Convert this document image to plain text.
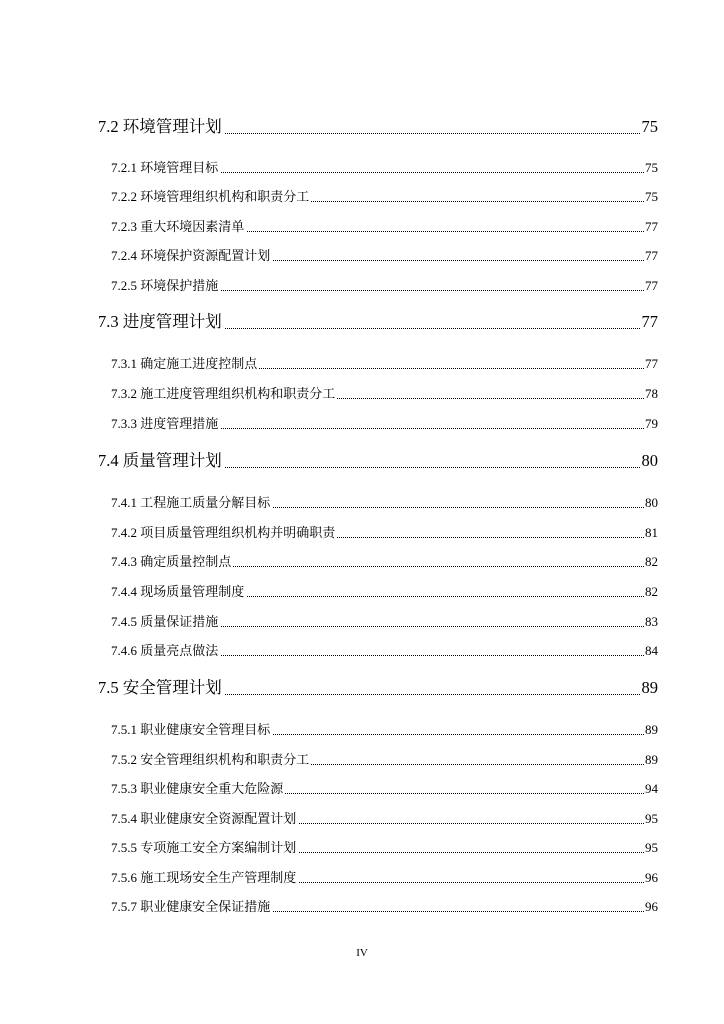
7.2 环境管理计划	75
7.2.1 环境管理目标	75
7.2.2 环境管理组织机构和职责分工	75
7.2.3 重大环境因素清单	77
7.2.4 环境保护资源配置计划	77
7.2.5 环境保护措施	77
7.3 进度管理计划	77
7.3.1 确定施工进度控制点	77
7.3.2 施工进度管理组织机构和职责分工	78
7.3.3 进度管理措施	79
7.4 质量管理计划	80
7.4.1 工程施工质量分解目标	80
7.4.2 项目质量管理组织机构并明确职责	81
7.4.3 确定质量控制点	82
7.4.4 现场质量管理制度	82
7.4.5 质量保证措施	83
7.4.6 质量亮点做法	84
7.5 安全管理计划	89
7.5.1 职业健康安全管理目标	89
7.5.2 安全管理组织机构和职责分工	89
7.5.3 职业健康安全重大危险源	94
7.5.4 职业健康安全资源配置计划	95
7.5.5 专项施工安全方案编制计划	95
7.5.6 施工现场安全生产管理制度	96
7.5.7 职业健康安全保证措施	96
IV
